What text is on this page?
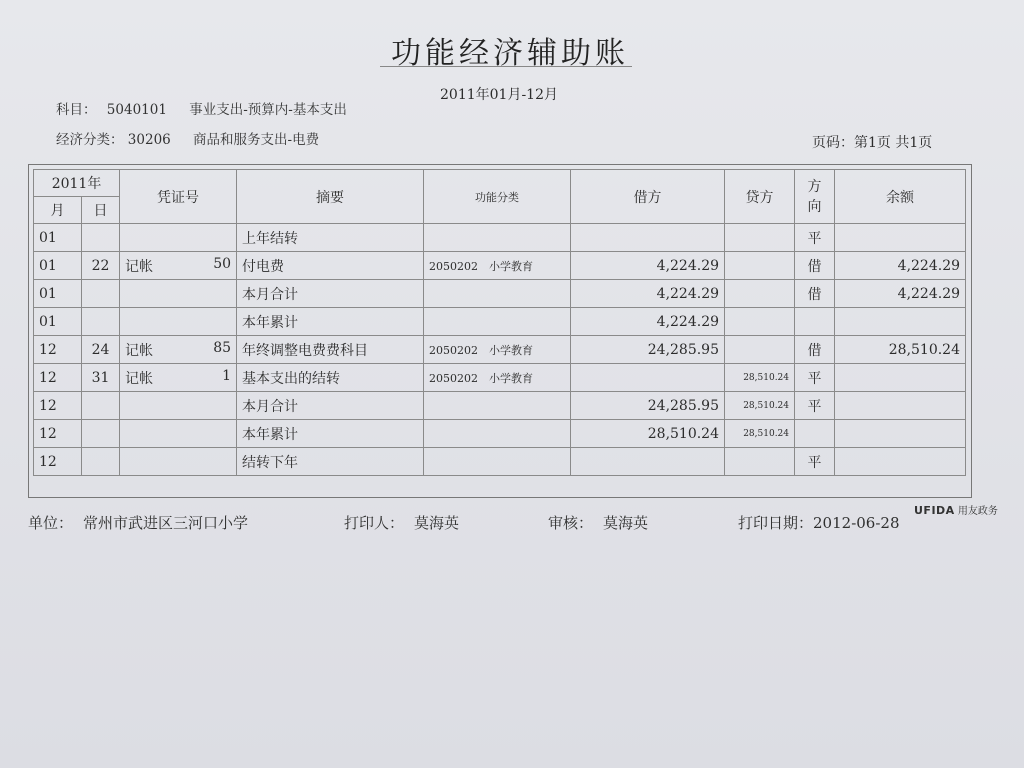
功能经济辅助账
2011年01月-12月
科目： 5040101 事业支出-预算内-基本支出
经济分类： 30206 商品和服务支出-电费	页码：第1页 共1页
2011年		凭证号	摘要	功能分类	借方	贷方	方向	余额
月	日							
01			上年结转				平	
01	22	记帐 50	付电费	2050202　小学教育	4,224.29		借	4,224.29
01			本月合计		4,224.29		借	4,224.29
01			本年累计		4,224.29			
12	24	记帐 85	年终调整电费费科目	2050202　小学教育	24,285.95		借	28,510.24
12	31	记帐 1	基本支出的结转	2050202　小学教育		28,510.24	平	
12			本月合计		24,285.95	28,510.24	平	
12			本年累计		28,510.24	28,510.24		
12			结转下年				平	
UFIDA 用友政务
单位： 常州市武进区三河口小学	打印人： 莫海英	审核： 莫海英	打印日期：2012-06-28
